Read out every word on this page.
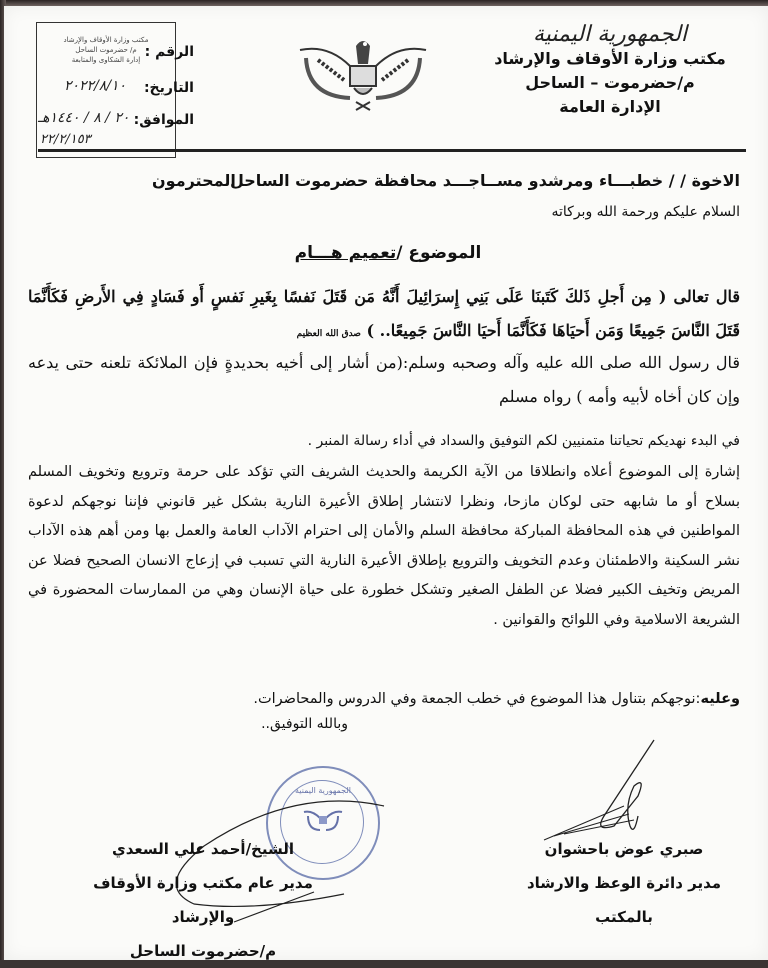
الجمهورية اليمنية
مكتب وزارة الأوقاف والإرشاد
م/حضرموت – الساحل
الإدارة العامة
مكتب وزارة الأوقاف والإرشاد
م/ حضرموت الساحل
إدارة الشكاوى والمتابعة الرقم :
التاريخ:
الموافق:
٢٠٢٢/٨/١٠
٢٠ / ٨ / ١٤٤٠هـ
٢٢/٢/١٥٣
الاخوة / / خطبـــاء ومرشدو مســاجـــد محافظة حضرموت الساحل
المحترمون
السلام عليكم ورحمة الله وبركاته
الموضوع /تعميم هـــام
قال تعالى ( مِن أَجلِ ذَلكَ كَتَبنَا عَلَى بَنِي إِسرَائِيلَ أَنَّهُ مَن قَتَلَ نَفسًا بِغَيرِ نَفسٍ أَو فَسَادٍ فِي الأَرضِ فَكَأَنَّمَا قَتَلَ النَّاسَ جَمِيعًا وَمَن أَحيَاهَا فَكَأَنَّمَا أَحيَا النَّاسَ جَمِيعًا.. ) صدق الله العظيم
قال رسول الله صلى الله عليه وآله وصحبه وسلم:(من أشار إلى أخيه بحديدةٍ فإن الملائكة تلعنه حتى يدعه وإن كان أخاه لأبيه وأمه ) رواه مسلم
في البدء نهديكم تحياتنا متمنيين لكم التوفيق والسداد في أداء رسالة المنبر .
إشارة إلى الموضوع أعلاه وانطلاقا من الآية الكريمة والحديث الشريف التي تؤكد على حرمة وترويع وتخويف المسلم بسلاح أو ما شابهه حتى لوكان مازحا، ونظرا لانتشار إطلاق الأعيرة النارية بشكل غير قانوني فإننا نوجهكم لدعوة المواطنين في هذه المحافظة المباركة محافظة السلم والأمان إلى احترام الآداب العامة والعمل بها ومن أهم هذه الآداب نشر السكينة والاطمئنان وعدم التخويف والترويع بإطلاق الأعيرة النارية التي تسبب في إزعاج الانسان الصحيح فضلا عن المريض وتخيف الكبير فضلا عن الطفل الصغير وتشكل خطورة على حياة الإنسان وهي من الممارسات المحضورة في الشريعة الاسلامية وفي اللوائح والقوانين .
وعليه:نوجهكم بتناول هذا الموضوع في خطب الجمعة وفي الدروس والمحاضرات.
وبالله التوفيق..
صبري عوض باحشوان
مدير دائرة الوعظ والارشاد
بالمكتب
الجمهورية اليمنية
الشيخ/أحمد علي السعدي
مدير عام مكتب وزارة الأوقاف والإرشاد
م/حضرموت الساحل
